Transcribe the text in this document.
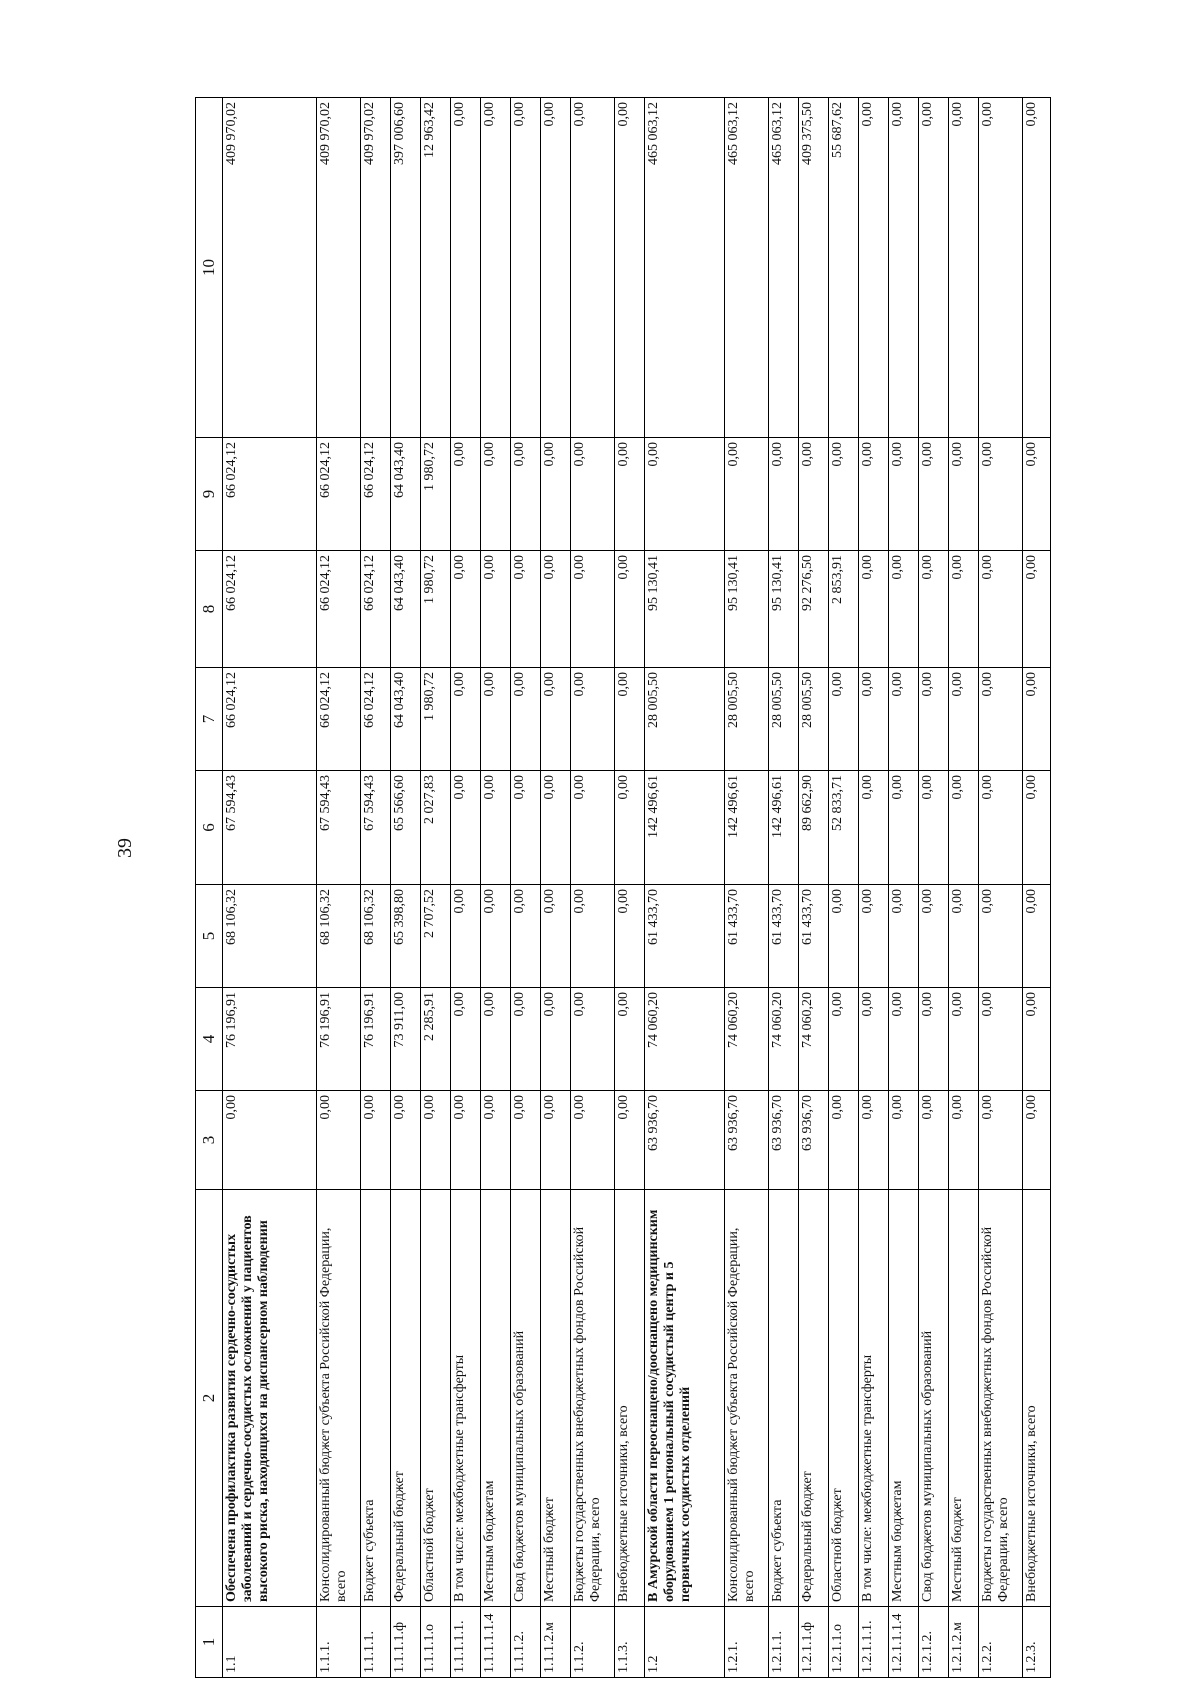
39
1	2	3	4	5	6	7	8	9	10
1.1	Обеспечена профилактика развития сердечно-сосудистых заболеваний и сердечно-сосудистых осложнений у пациентов высокого риска, находящихся на диспансерном наблюдении	0,00	76 196,91	68 106,32	67 594,43	66 024,12	66 024,12	66 024,12	409 970,02
1.1.1.	Консолидированный бюджет субъекта Российской Федерации, всего	0,00	76 196,91	68 106,32	67 594,43	66 024,12	66 024,12	66 024,12	409 970,02
1.1.1.1.	Бюджет субъекта	0,00	76 196,91	68 106,32	67 594,43	66 024,12	66 024,12	66 024,12	409 970,02
1.1.1.1.ф	Федеральный бюджет	0,00	73 911,00	65 398,80	65 566,60	64 043,40	64 043,40	64 043,40	397 006,60
1.1.1.1.о	Областной бюджет	0,00	2 285,91	2 707,52	2 027,83	1 980,72	1 980,72	1 980,72	12 963,42
1.1.1.1.1.	В том числе: межбюджетные трансферты	0,00	0,00	0,00	0,00	0,00	0,00	0,00	0,00
1.1.1.1.1.4	Местным бюджетам	0,00	0,00	0,00	0,00	0,00	0,00	0,00	0,00
1.1.1.2.	Свод бюджетов муниципальных образований	0,00	0,00	0,00	0,00	0,00	0,00	0,00	0,00
1.1.1.2.м	Местный бюджет	0,00	0,00	0,00	0,00	0,00	0,00	0,00	0,00
1.1.2.	Бюджеты государственных внебюджетных фондов Российской Федерации, всего	0,00	0,00	0,00	0,00	0,00	0,00	0,00	0,00
1.1.3.	Внебюджетные источники, всего	0,00	0,00	0,00	0,00	0,00	0,00	0,00	0,00
1.2	В Амурской области переоснащено/дооснащено медицинским оборудованием 1 региональный сосудистый центр и 5 первичных сосудистых отделений	63 936,70	74 060,20	61 433,70	142 496,61	28 005,50	95 130,41	0,00	465 063,12
1.2.1.	Консолидированный бюджет субъекта Российской Федерации, всего	63 936,70	74 060,20	61 433,70	142 496,61	28 005,50	95 130,41	0,00	465 063,12
1.2.1.1.	Бюджет субъекта	63 936,70	74 060,20	61 433,70	142 496,61	28 005,50	95 130,41	0,00	465 063,12
1.2.1.1.ф	Федеральный бюджет	63 936,70	74 060,20	61 433,70	89 662,90	28 005,50	92 276,50	0,00	409 375,50
1.2.1.1.о	Областной бюджет	0,00	0,00	0,00	52 833,71	0,00	2 853,91	0,00	55 687,62
1.2.1.1.1.	В том числе: межбюджетные трансферты	0,00	0,00	0,00	0,00	0,00	0,00	0,00	0,00
1.2.1.1.1.4	Местным бюджетам	0,00	0,00	0,00	0,00	0,00	0,00	0,00	0,00
1.2.1.2.	Свод бюджетов муниципальных образований	0,00	0,00	0,00	0,00	0,00	0,00	0,00	0,00
1.2.1.2.м	Местный бюджет	0,00	0,00	0,00	0,00	0,00	0,00	0,00	0,00
1.2.2.	Бюджеты государственных внебюджетных фондов Российской Федерации, всего	0,00	0,00	0,00	0,00	0,00	0,00	0,00	0,00
1.2.3.	Внебюджетные источники, всего	0,00	0,00	0,00	0,00	0,00	0,00	0,00	0,00
